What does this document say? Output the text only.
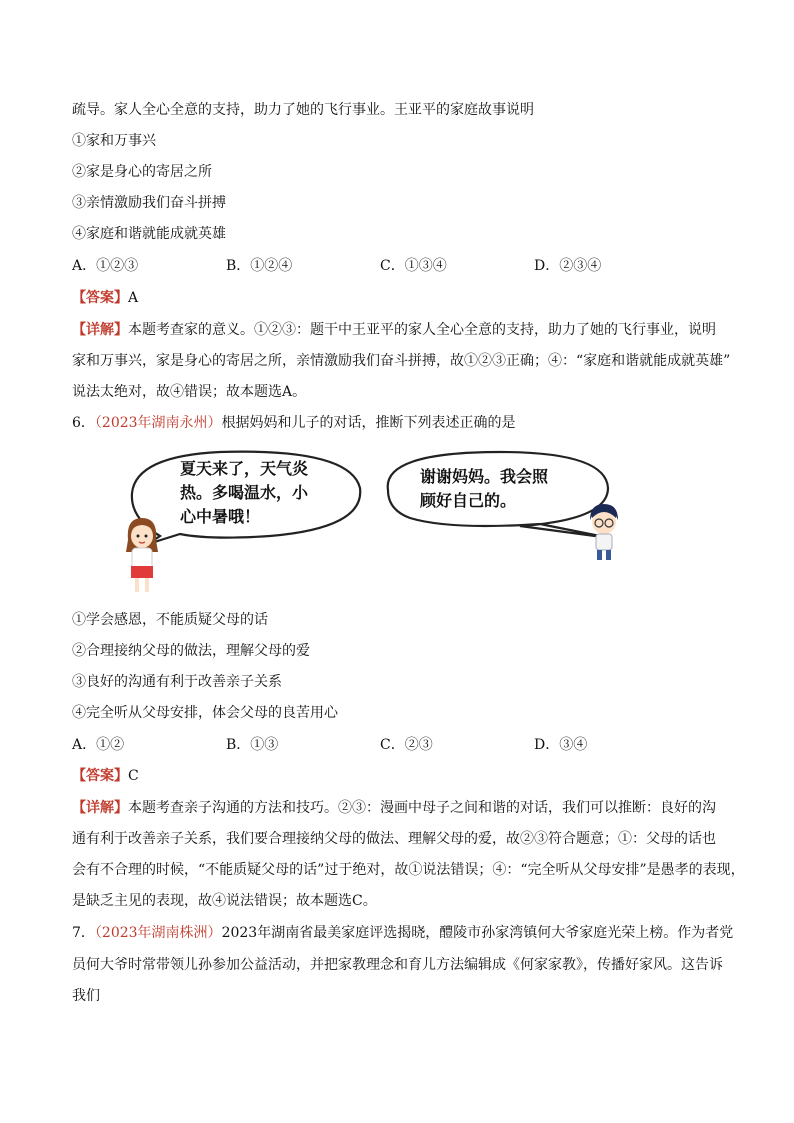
疏导。家人全心全意的支持，助力了她的飞行事业。王亚平的家庭故事说明
①家和万事兴
②家是身心的寄居之所
③亲情激励我们奋斗拼搏
④家庭和谐就能成就英雄
A．①②③	B．①②④	C．①③④	D．②③④
【答案】A
【详解】本题考查家的意义。①②③：题干中王亚平的家人全心全意的支持，助力了她的飞行事业，说明
家和万事兴，家是身心的寄居之所，亲情激励我们奋斗拼搏，故①②③正确；④：“家庭和谐就能成就英雄”
说法太绝对，故④错误；故本题选A。
6．（2023年湖南永州）根据妈妈和儿子的对话，推断下列表述正确的是
夏天来了，天气炎
热。多喝温水，小
心中暑哦！
谢谢妈妈。我会照
顾好自己的。
①学会感恩，不能质疑父母的话
②合理接纳父母的做法，理解父母的爱
③良好的沟通有利于改善亲子关系
④完全听从父母安排，体会父母的良苦用心
A．①②	B．①③	C．②③	D．③④
【答案】C
【详解】本题考查亲子沟通的方法和技巧。②③：漫画中母子之间和谐的对话，我们可以推断：良好的沟
通有利于改善亲子关系，我们要合理接纳父母的做法、理解父母的爱，故②③符合题意；①：父母的话也
会有不合理的时候，“不能质疑父母的话”过于绝对，故①说法错误；④：“完全听从父母安排”是愚孝的表现，
是缺乏主见的表现，故④说法错误；故本题选C。
7．（2023年湖南株洲）2023年湖南省最美家庭评选揭晓，醴陵市孙家湾镇何大爷家庭光荣上榜。作为者党
员何大爷时常带领儿孙参加公益活动，并把家教理念和育儿方法编辑成《何家家教》，传播好家风。这告诉
我们
